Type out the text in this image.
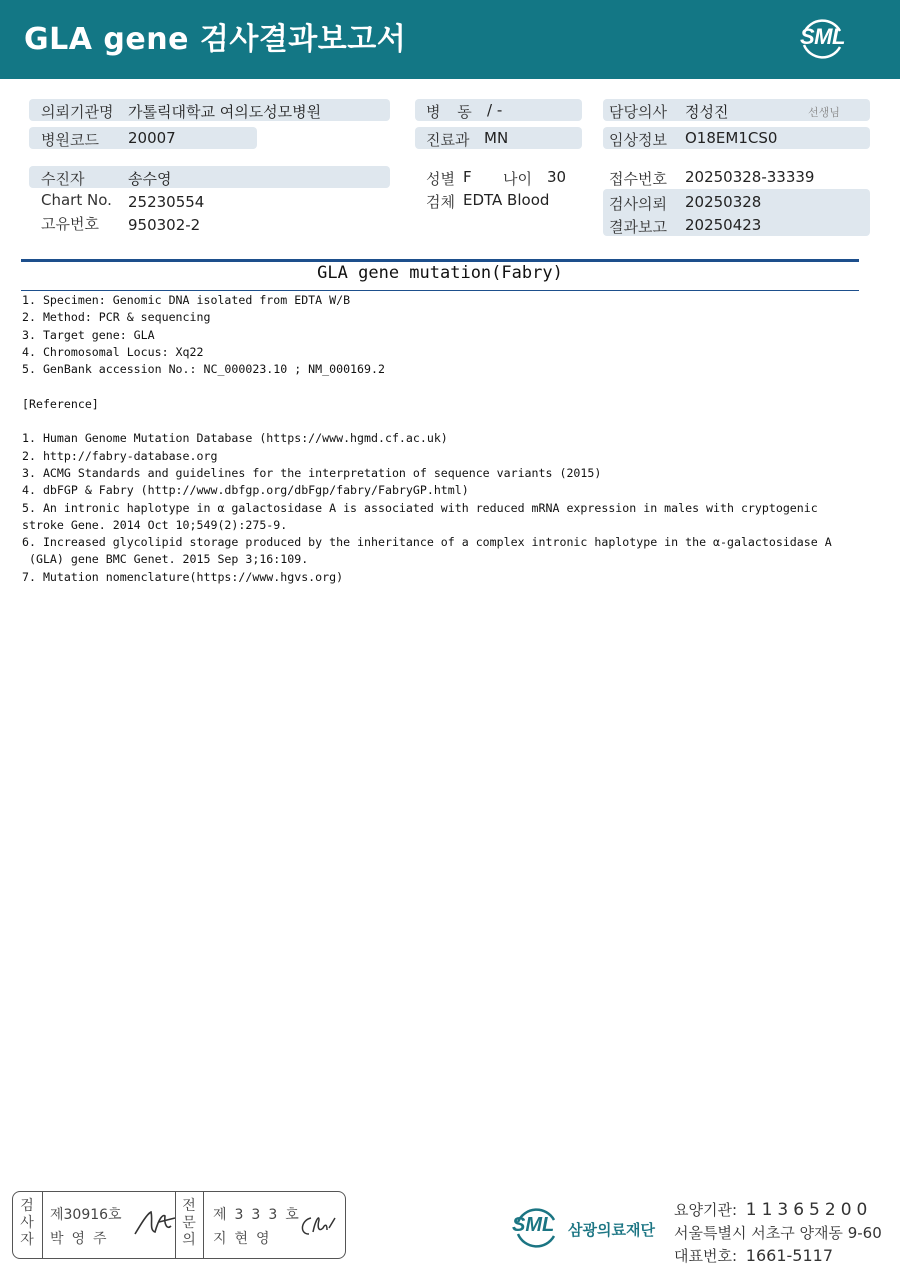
GLA gene 검사결과보고서	SML
의뢰기관명 가톨릭대학교 여의도성모병원
병원코드 20007
수진자	송수영
Chart No. 25230554
고유번호 950302-2
병 동 / -
진료과 MN
성별 F 나이 30
검체 EDTA Blood
담당의사 정성진	선생님
임상정보 O18EM1CS0
접수번호 20250328-33339
검사의뢰 20250328
결과보고 20250423
GLA gene mutation(Fabry)
1. Specimen: Genomic DNA isolated from EDTA W/B
2. Method: PCR & sequencing
3. Target gene: GLA
4. Chromosomal Locus: Xq22
5. GenBank accession No.: NC_000023.10 ; NM_000169.2

[Reference]

1. Human Genome Mutation Database (https://www.hgmd.cf.ac.uk)
2. http://fabry-database.org
3. ACMG Standards and guidelines for the interpretation of sequence variants (2015)
4. dbFGP & Fabry (http://www.dbfgp.org/dbFgp/fabry/FabryGP.html)
5. An intronic haplotype in α galactosidase A is associated with reduced mRNA expression in males with cryptogenic
stroke Gene. 2014 Oct 10;549(2):275-9.
6. Increased glycolipid storage produced by the inheritance of a complex intronic haplotype in the α-galactosidase A
(GLA) gene BMC Genet. 2015 Sep 3;16:109.
7. Mutation nomenclature(https://www.hgvs.org)
검사자
제30916호
박영주
전문의
제333호
지현영
SML 삼광의료재단
요양기관: 11365200
서울특별시 서초구 양재동 9-60
대표번호: 1661-5117
